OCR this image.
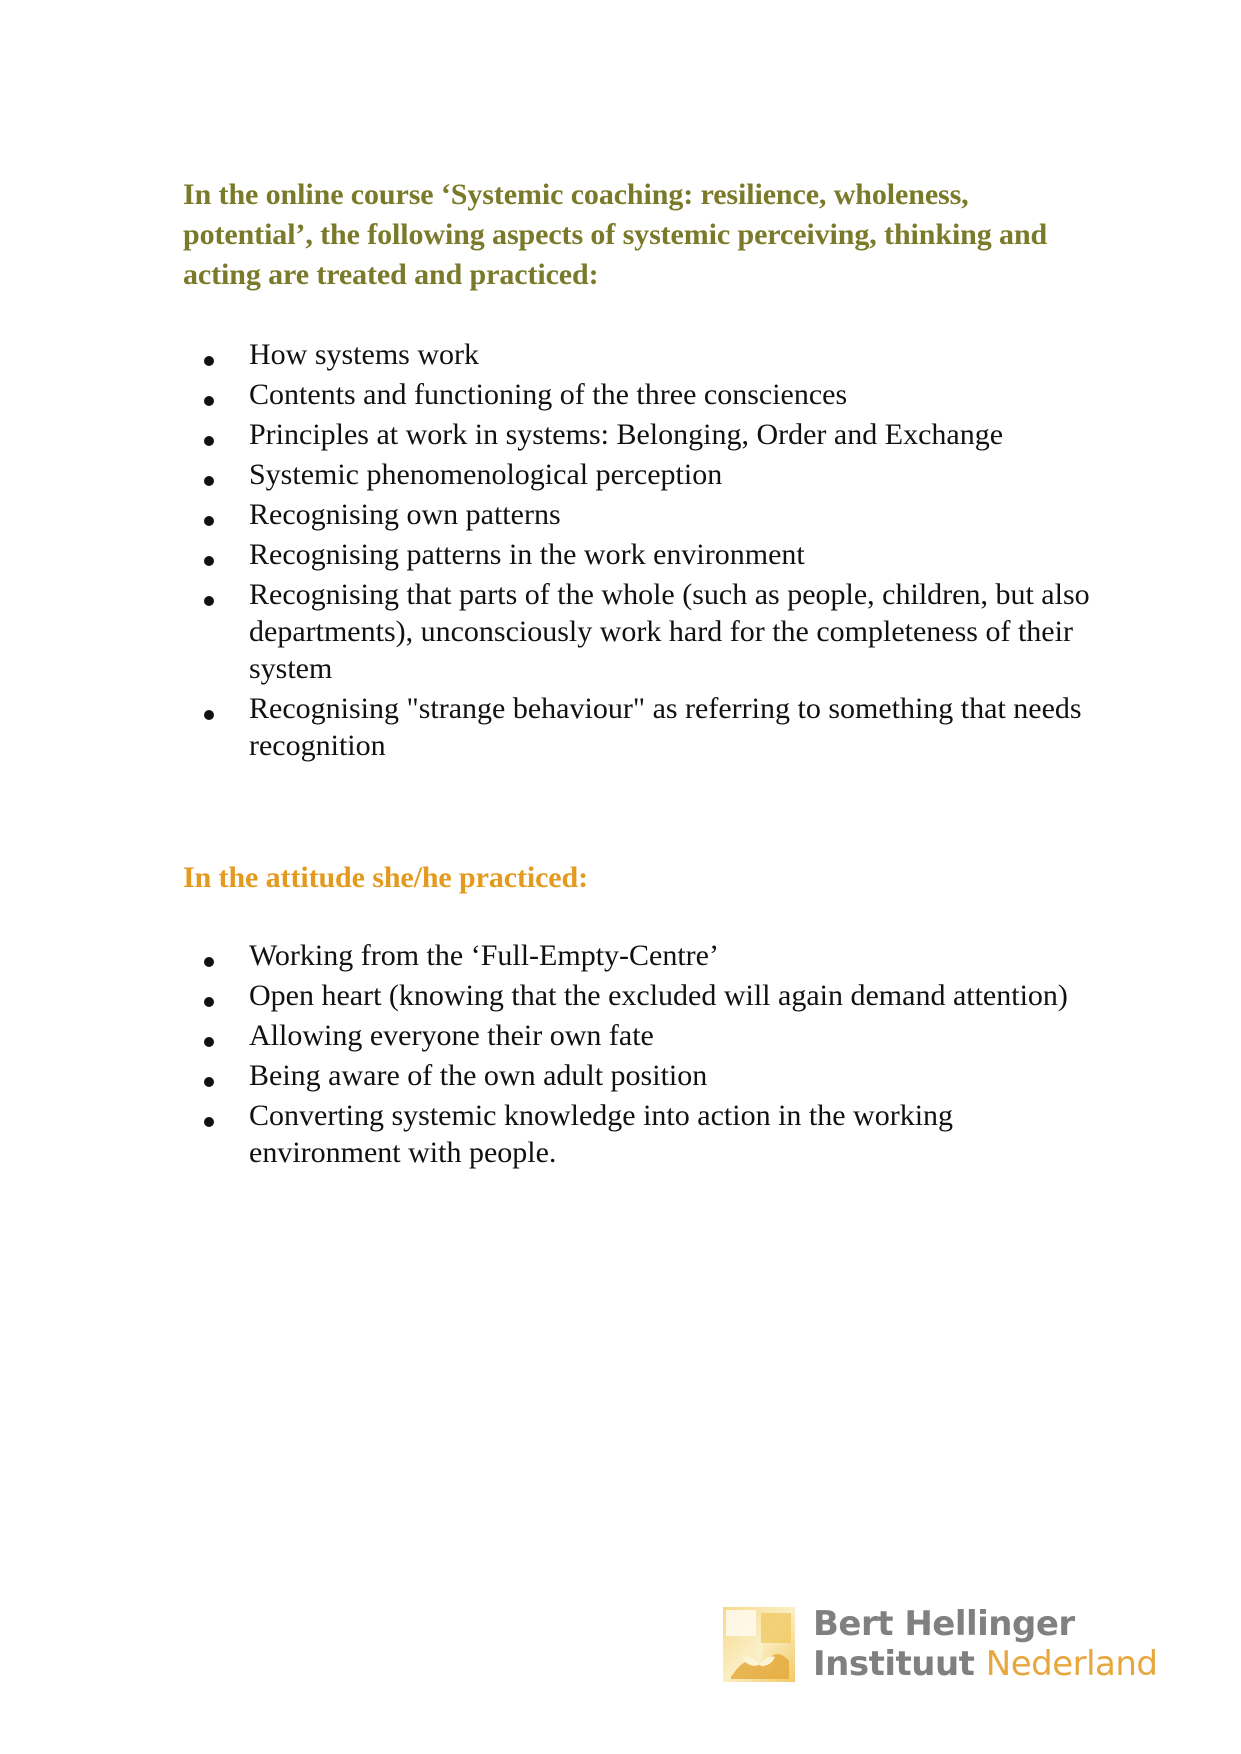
In the online course ‘Systemic coaching: resilience, wholeness, potential’, the following aspects of systemic perceiving, thinking and acting are treated and practiced:
How systems work
Contents and functioning of the three consciences
Principles at work in systems: Belonging, Order and Exchange
Systemic phenomenological perception
Recognising own patterns
Recognising patterns in the work environment
Recognising that parts of the whole (such as people, children, but also departments), unconsciously work hard for the completeness of their system
Recognising "strange behaviour" as referring to something that needs recognition
In the attitude she/he practiced:
Working from the ‘Full-Empty-Centre’
Open heart (knowing that the excluded will again demand attention)
Allowing everyone their own fate
Being aware of the own adult position
Converting systemic knowledge into action in the working environment with people.
Bert Hellinger
Instituut Nederland
